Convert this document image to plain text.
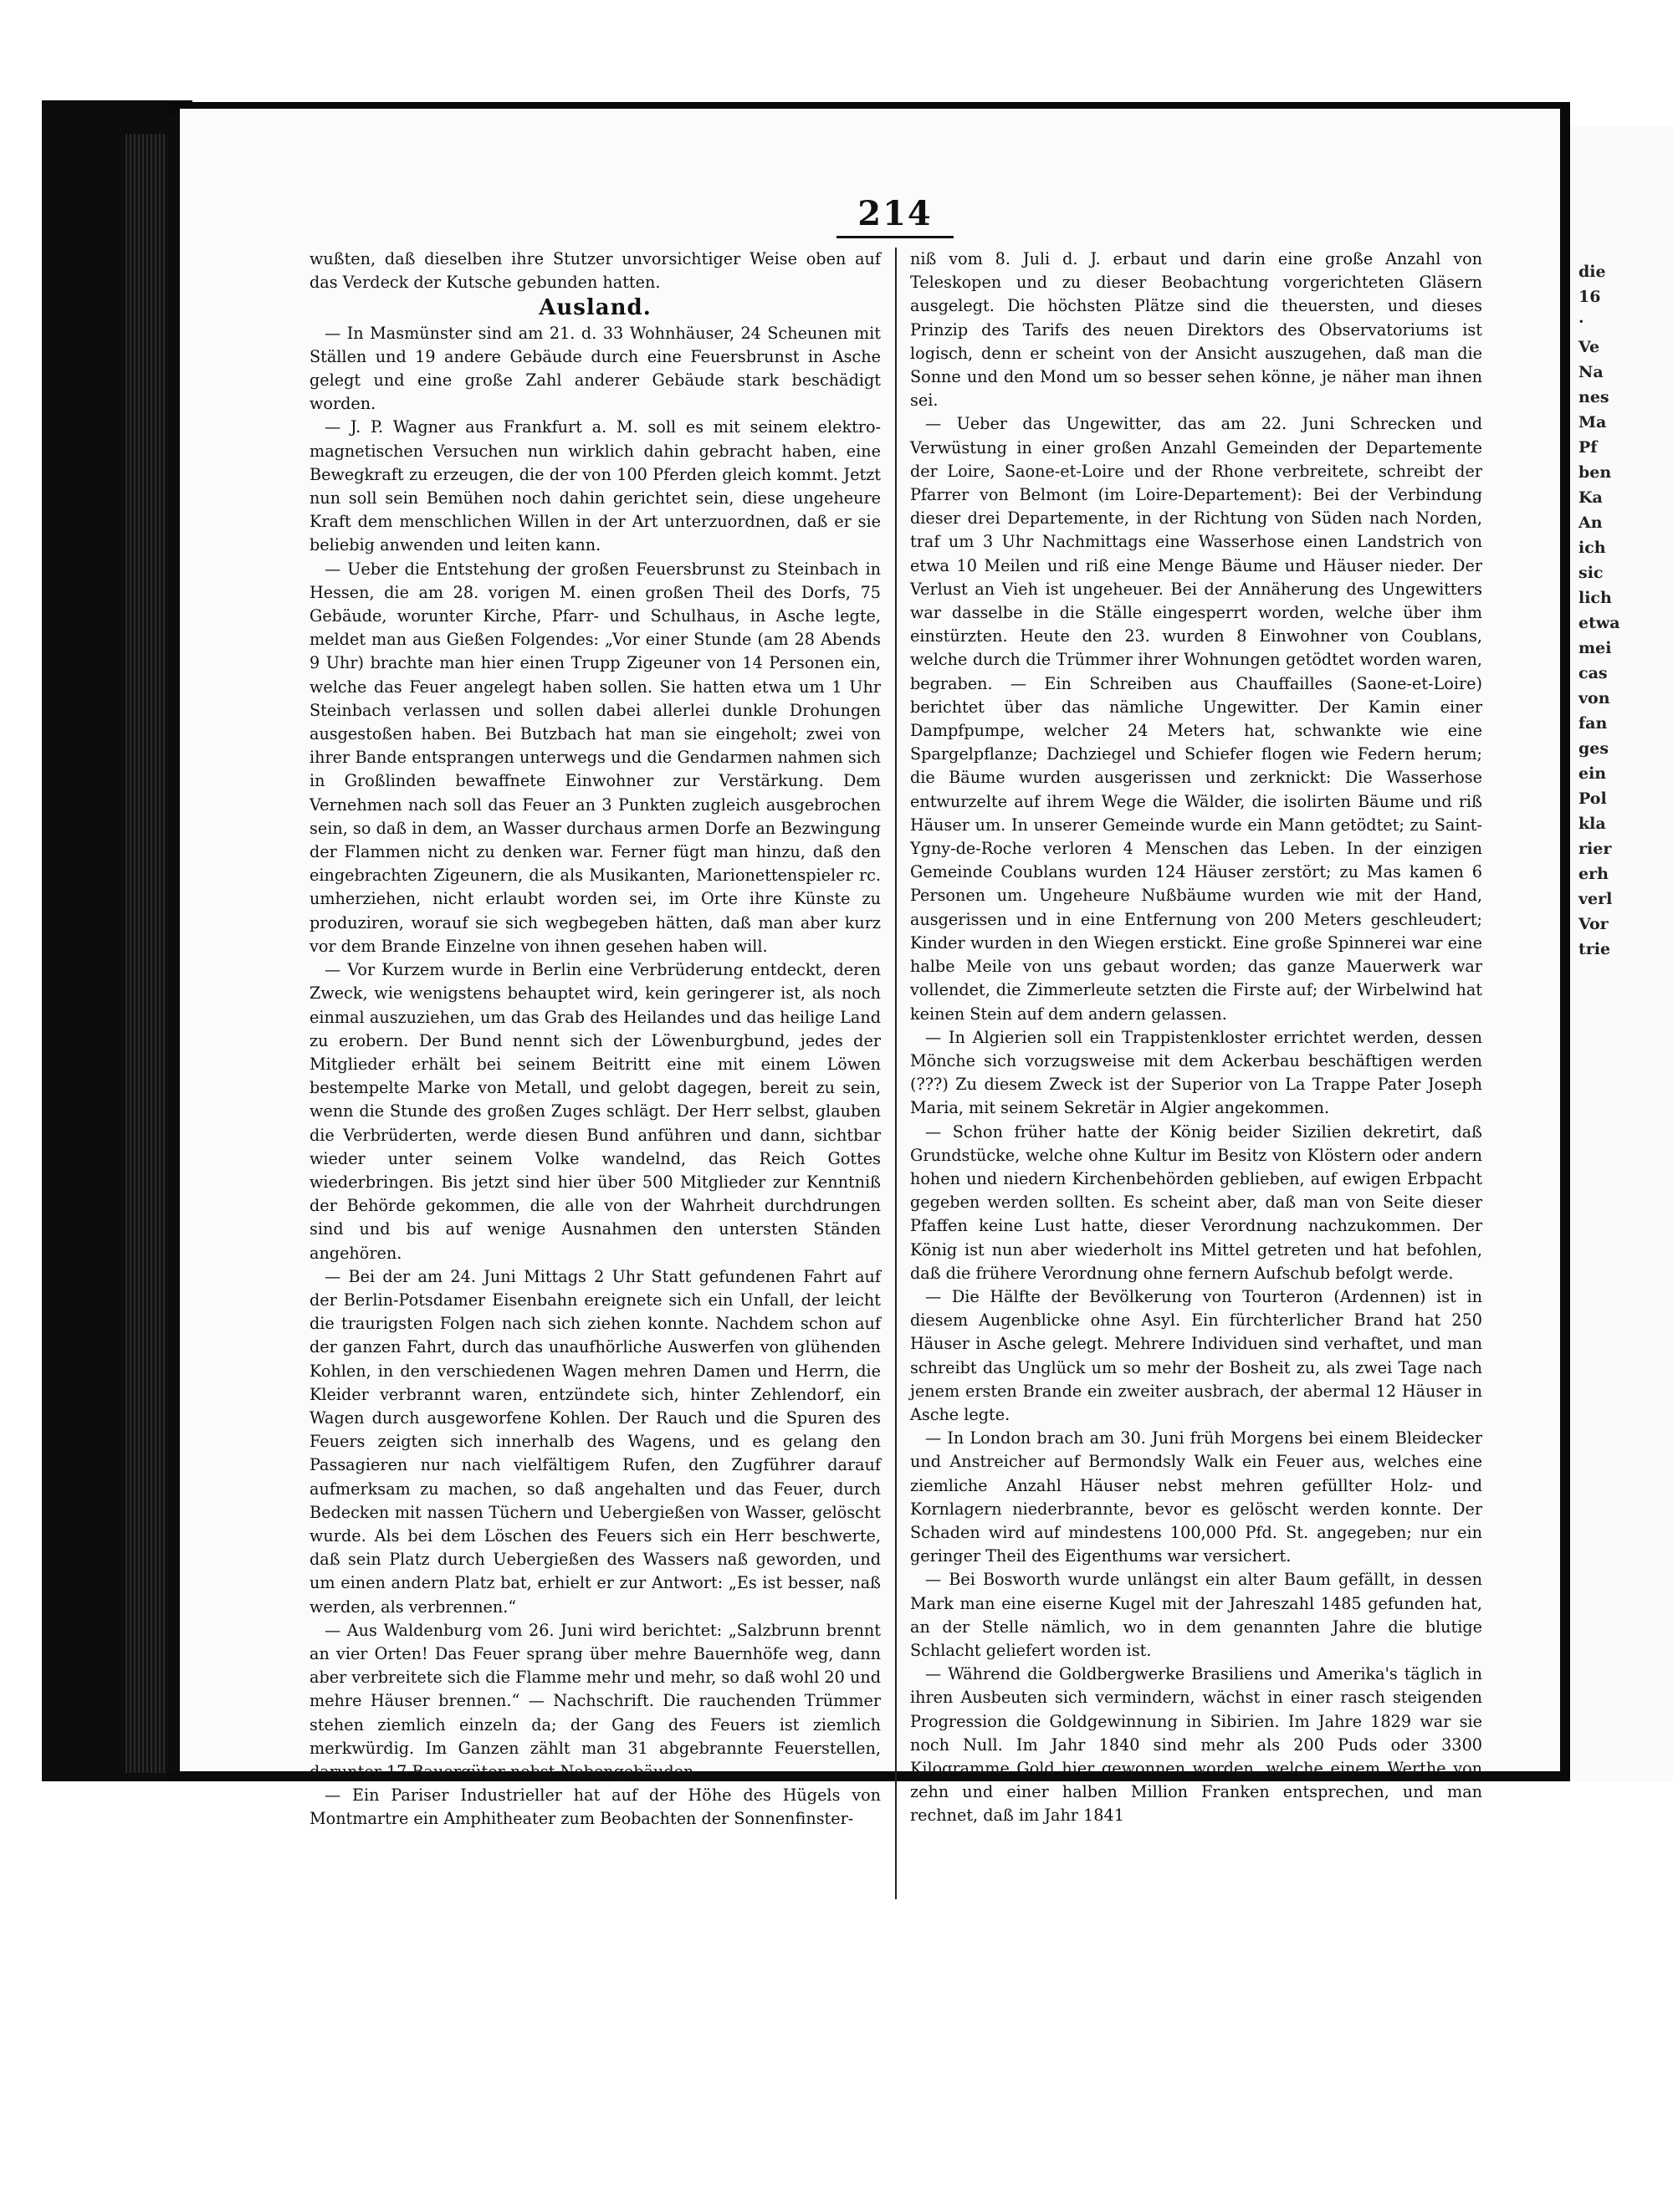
die
16
·
Ve
Na
nes
Ma
Pf
ben
Ka
An
ich
sic
lich
etwa
mei
cas
von
fan
ges
ein
Pol
kla
rier
erh
verl
Vor
trie
214

wußten, daß dieselben ihre Stutzer unvorsichtiger Weise oben auf das Verdeck der Kutsche gebunden hatten.

Ausland.

— In Masmünster sind am 21. d. 33 Wohnhäuser, 24 Scheunen mit Ställen und 19 andere Gebäude durch eine Feuersbrunst in Asche gelegt und eine große Zahl anderer Gebäude stark beschädigt worden.

— J. P. Wagner aus Frankfurt a. M. soll es mit seinem elektro-magnetischen Versuchen nun wirklich dahin gebracht haben, eine Bewegkraft zu erzeugen, die der von 100 Pferden gleich kommt. Jetzt nun soll sein Bemühen noch dahin gerichtet sein, diese ungeheure Kraft dem menschlichen Willen in der Art unterzuordnen, daß er sie beliebig anwenden und leiten kann.

— Ueber die Entstehung der großen Feuersbrunst zu Steinbach in Hessen, die am 28. vorigen M. einen großen Theil des Dorfs, 75 Gebäude, worunter Kirche, Pfarr- und Schulhaus, in Asche legte, meldet man aus Gießen Folgendes: „Vor einer Stunde (am 28 Abends 9 Uhr) brachte man hier einen Trupp Zigeuner von 14 Personen ein, welche das Feuer angelegt haben sollen. Sie hatten etwa um 1 Uhr Steinbach verlassen und sollen dabei allerlei dunkle Drohungen ausgestoßen haben. Bei Butzbach hat man sie eingeholt; zwei von ihrer Bande entsprangen unterwegs und die Gendarmen nahmen sich in Großlinden bewaffnete Einwohner zur Verstärkung. Dem Vernehmen nach soll das Feuer an 3 Punkten zugleich ausgebrochen sein, so daß in dem, an Wasser durchaus armen Dorfe an Bezwingung der Flammen nicht zu denken war. Ferner fügt man hinzu, daß den eingebrachten Zigeunern, die als Musikanten, Marionettenspieler rc. umherziehen, nicht erlaubt worden sei, im Orte ihre Künste zu produziren, worauf sie sich wegbegeben hätten, daß man aber kurz vor dem Brande Einzelne von ihnen gesehen haben will.

— Vor Kurzem wurde in Berlin eine Verbrüderung entdeckt, deren Zweck, wie wenigstens behauptet wird, kein geringerer ist, als noch einmal auszuziehen, um das Grab des Heilandes und das heilige Land zu erobern. Der Bund nennt sich der Löwenburgbund, jedes der Mitglieder erhält bei seinem Beitritt eine mit einem Löwen bestempelte Marke von Metall, und gelobt dagegen, bereit zu sein, wenn die Stunde des großen Zuges schlägt. Der Herr selbst, glauben die Verbrüderten, werde diesen Bund anführen und dann, sichtbar wieder unter seinem Volke wandelnd, das Reich Gottes wiederbringen. Bis jetzt sind hier über 500 Mitglieder zur Kenntniß der Behörde gekommen, die alle von der Wahrheit durchdrungen sind und bis auf wenige Ausnahmen den untersten Ständen angehören.

— Bei der am 24. Juni Mittags 2 Uhr Statt gefundenen Fahrt auf der Berlin-Potsdamer Eisenbahn ereignete sich ein Unfall, der leicht die traurigsten Folgen nach sich ziehen konnte. Nachdem schon auf der ganzen Fahrt, durch das unaufhörliche Auswerfen von glühenden Kohlen, in den verschiedenen Wagen mehren Damen und Herrn, die Kleider verbrannt waren, entzündete sich, hinter Zehlendorf, ein Wagen durch ausgeworfene Kohlen. Der Rauch und die Spuren des Feuers zeigten sich innerhalb des Wagens, und es gelang den Passagieren nur nach vielfältigem Rufen, den Zugführer darauf aufmerksam zu machen, so daß angehalten und das Feuer, durch Bedecken mit nassen Tüchern und Uebergießen von Wasser, gelöscht wurde. Als bei dem Löschen des Feuers sich ein Herr beschwerte, daß sein Platz durch Uebergießen des Wassers naß geworden, und um einen andern Platz bat, erhielt er zur Antwort: „Es ist besser, naß werden, als verbrennen.“

— Aus Waldenburg vom 26. Juni wird berichtet: „Salzbrunn brennt an vier Orten! Das Feuer sprang über mehre Bauernhöfe weg, dann aber verbreitete sich die Flamme mehr und mehr, so daß wohl 20 und mehre Häuser brennen.“ — Nachschrift. Die rauchenden Trümmer stehen ziemlich einzeln da; der Gang des Feuers ist ziemlich merkwürdig. Im Ganzen zählt man 31 abgebrannte Feuerstellen, darunter 17 Bauergüter nebst Nebengebäuden.

— Ein Pariser Industrieller hat auf der Höhe des Hügels von Montmartre ein Amphitheater zum Beobachten der Sonnenfinster-

niß vom 8. Juli d. J. erbaut und darin eine große Anzahl von Teleskopen und zu dieser Beobachtung vorgerichteten Gläsern ausgelegt. Die höchsten Plätze sind die theuersten, und dieses Prinzip des Tarifs des neuen Direktors des Observatoriums ist logisch, denn er scheint von der Ansicht auszugehen, daß man die Sonne und den Mond um so besser sehen könne, je näher man ihnen sei.

— Ueber das Ungewitter, das am 22. Juni Schrecken und Verwüstung in einer großen Anzahl Gemeinden der Departemente der Loire, Saone-et-Loire und der Rhone verbreitete, schreibt der Pfarrer von Belmont (im Loire-Departement): Bei der Verbindung dieser drei Departemente, in der Richtung von Süden nach Norden, traf um 3 Uhr Nachmittags eine Wasserhose einen Landstrich von etwa 10 Meilen und riß eine Menge Bäume und Häuser nieder. Der Verlust an Vieh ist ungeheuer. Bei der Annäherung des Ungewitters war dasselbe in die Ställe eingesperrt worden, welche über ihm einstürzten. Heute den 23. wurden 8 Einwohner von Coublans, welche durch die Trümmer ihrer Wohnungen getödtet worden waren, begraben. — Ein Schreiben aus Chauffailles (Saone-et-Loire) berichtet über das nämliche Ungewitter. Der Kamin einer Dampfpumpe, welcher 24 Meters hat, schwankte wie eine Spargelpflanze; Dachziegel und Schiefer flogen wie Federn herum; die Bäume wurden ausgerissen und zerknickt: Die Wasserhose entwurzelte auf ihrem Wege die Wälder, die isolirten Bäume und riß Häuser um. In unserer Gemeinde wurde ein Mann getödtet; zu Saint-Ygny-de-Roche verloren 4 Menschen das Leben. In der einzigen Gemeinde Coublans wurden 124 Häuser zerstört; zu Mas kamen 6 Personen um. Ungeheure Nußbäume wurden wie mit der Hand, ausgerissen und in eine Entfernung von 200 Meters geschleudert; Kinder wurden in den Wiegen erstickt. Eine große Spinnerei war eine halbe Meile von uns gebaut worden; das ganze Mauerwerk war vollendet, die Zimmerleute setzten die Firste auf; der Wirbelwind hat keinen Stein auf dem andern gelassen.

— In Algierien soll ein Trappistenkloster errichtet werden, dessen Mönche sich vorzugsweise mit dem Ackerbau beschäftigen werden (???) Zu diesem Zweck ist der Superior von La Trappe Pater Joseph Maria, mit seinem Sekretär in Algier angekommen.

— Schon früher hatte der König beider Sizilien dekretirt, daß Grundstücke, welche ohne Kultur im Besitz von Klöstern oder andern hohen und niedern Kirchenbehörden geblieben, auf ewigen Erbpacht gegeben werden sollten. Es scheint aber, daß man von Seite dieser Pfaffen keine Lust hatte, dieser Verordnung nachzukommen. Der König ist nun aber wiederholt ins Mittel getreten und hat befohlen, daß die frühere Verordnung ohne fernern Aufschub befolgt werde.

— Die Hälfte der Bevölkerung von Tourteron (Ardennen) ist in diesem Augenblicke ohne Asyl. Ein fürchterlicher Brand hat 250 Häuser in Asche gelegt. Mehrere Individuen sind verhaftet, und man schreibt das Unglück um so mehr der Bosheit zu, als zwei Tage nach jenem ersten Brande ein zweiter ausbrach, der abermal 12 Häuser in Asche legte.

— In London brach am 30. Juni früh Morgens bei einem Bleidecker und Anstreicher auf Bermondsly Walk ein Feuer aus, welches eine ziemliche Anzahl Häuser nebst mehren gefüllter Holz- und Kornlagern niederbrannte, bevor es gelöscht werden konnte. Der Schaden wird auf mindestens 100,000 Pfd. St. angegeben; nur ein geringer Theil des Eigenthums war versichert.

— Bei Bosworth wurde unlängst ein alter Baum gefällt, in dessen Mark man eine eiserne Kugel mit der Jahreszahl 1485 gefunden hat, an der Stelle nämlich, wo in dem genannten Jahre die blutige Schlacht geliefert worden ist.

— Während die Goldbergwerke Brasiliens und Amerika's täglich in ihren Ausbeuten sich vermindern, wächst in einer rasch steigenden Progression die Goldgewinnung in Sibirien. Im Jahre 1829 war sie noch Null. Im Jahr 1840 sind mehr als 200 Puds oder 3300 Kilogramme Gold hier gewonnen worden, welche einem Werthe von zehn und einer halben Million Franken entsprechen, und man rechnet, daß im Jahr 1841
